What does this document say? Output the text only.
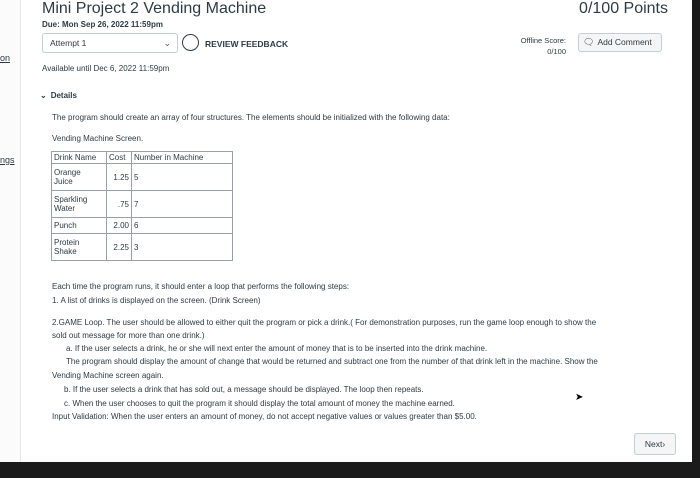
on
ngs
Mini Project 2 Vending Machine	0/100 Points
Due: Mon Sep 26, 2022 11:59pm
Attempt 1	⌄	REVIEW FEEDBACK	Offline Score:
0/100
🗨 Add Comment
Available until Dec 6, 2022 11:59pm
⌄ Details
The program should create an array of four structures. The elements should be initialized with the following data:
Vending Machine Screen.
Drink Name	Cost	Number in Machine
Orange
Juice	1.25	5
Sparkling
Water	.75	7
Punch	2.00	6
Protein
Shake	2.25	3
Each time the program runs, it should enter a loop that performs the following steps:
1. A list of drinks is displayed on the screen. (Drink Screen)
2.GAME Loop. The user should be allowed to either quit the program or pick a drink.( For demonstration purposes, run the game loop enough to show the
sold out message for more than one drink.)
a. If the user selects a drink, he or she will next enter the amount of money that is to be inserted into the drink machine.
The program should display the amount of change that would be returned and subtract one from the number of that drink left in the machine. Show the
Vending Machine screen again.
b. If the user selects a drink that has sold out, a message should be displayed. The loop then repeats.
c. When the user chooses to quit the program it should display the total amount of money the machine earned.
Input Validation: When the user enters an amount of money, do not accept negative values or values greater than $5.00.
➤
Next›
